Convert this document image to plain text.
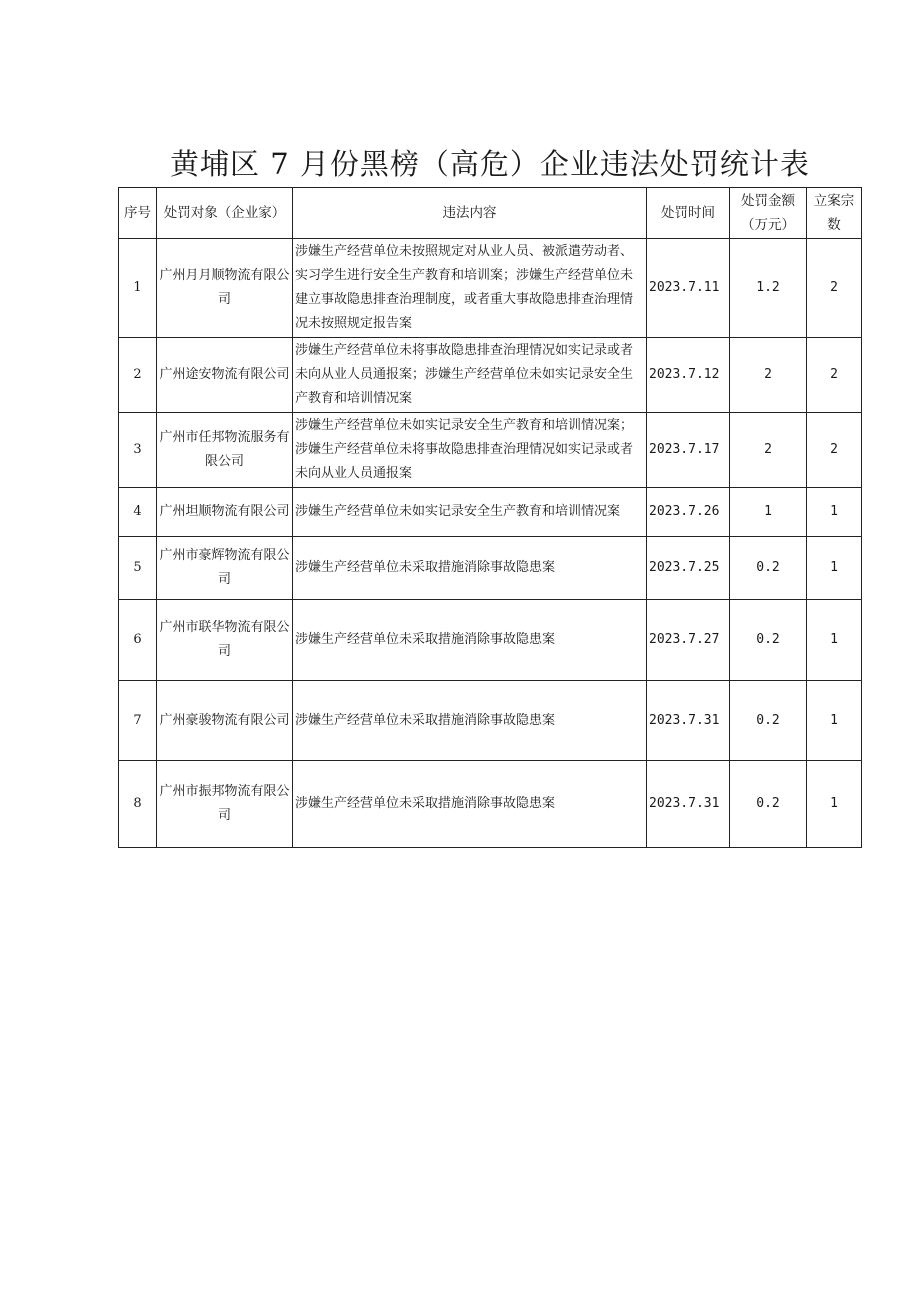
黄埔区 7 月份黑榜（高危）企业违法处罚统计表
序号	处罚对象（企业家）	违法内容	处罚时间	处罚金额（万元）	立案宗数
1	广州月月顺物流有限公司	涉嫌生产经营单位未按照规定对从业人员、被派遣劳动者、实习学生进行安全生产教育和培训案；涉嫌生产经营单位未建立事故隐患排查治理制度，或者重大事故隐患排查治理情况未按照规定报告案	2023.7.11	1.2	2
2	广州途安物流有限公司	涉嫌生产经营单位未将事故隐患排查治理情况如实记录或者未向从业人员通报案；涉嫌生产经营单位未如实记录安全生产教育和培训情况案	2023.7.12	2	2
3	广州市任邦物流服务有限公司	涉嫌生产经营单位未如实记录安全生产教育和培训情况案；涉嫌生产经营单位未将事故隐患排查治理情况如实记录或者未向从业人员通报案	2023.7.17	2	2
4	广州坦顺物流有限公司	涉嫌生产经营单位未如实记录安全生产教育和培训情况案	2023.7.26	1	1
5	广州市豪辉物流有限公司	涉嫌生产经营单位未采取措施消除事故隐患案	2023.7.25	0.2	1
6	广州市联华物流有限公司	涉嫌生产经营单位未采取措施消除事故隐患案	2023.7.27	0.2	1
7	广州豪骏物流有限公司	涉嫌生产经营单位未采取措施消除事故隐患案	2023.7.31	0.2	1
8	广州市振邦物流有限公司	涉嫌生产经营单位未采取措施消除事故隐患案	2023.7.31	0.2	1
